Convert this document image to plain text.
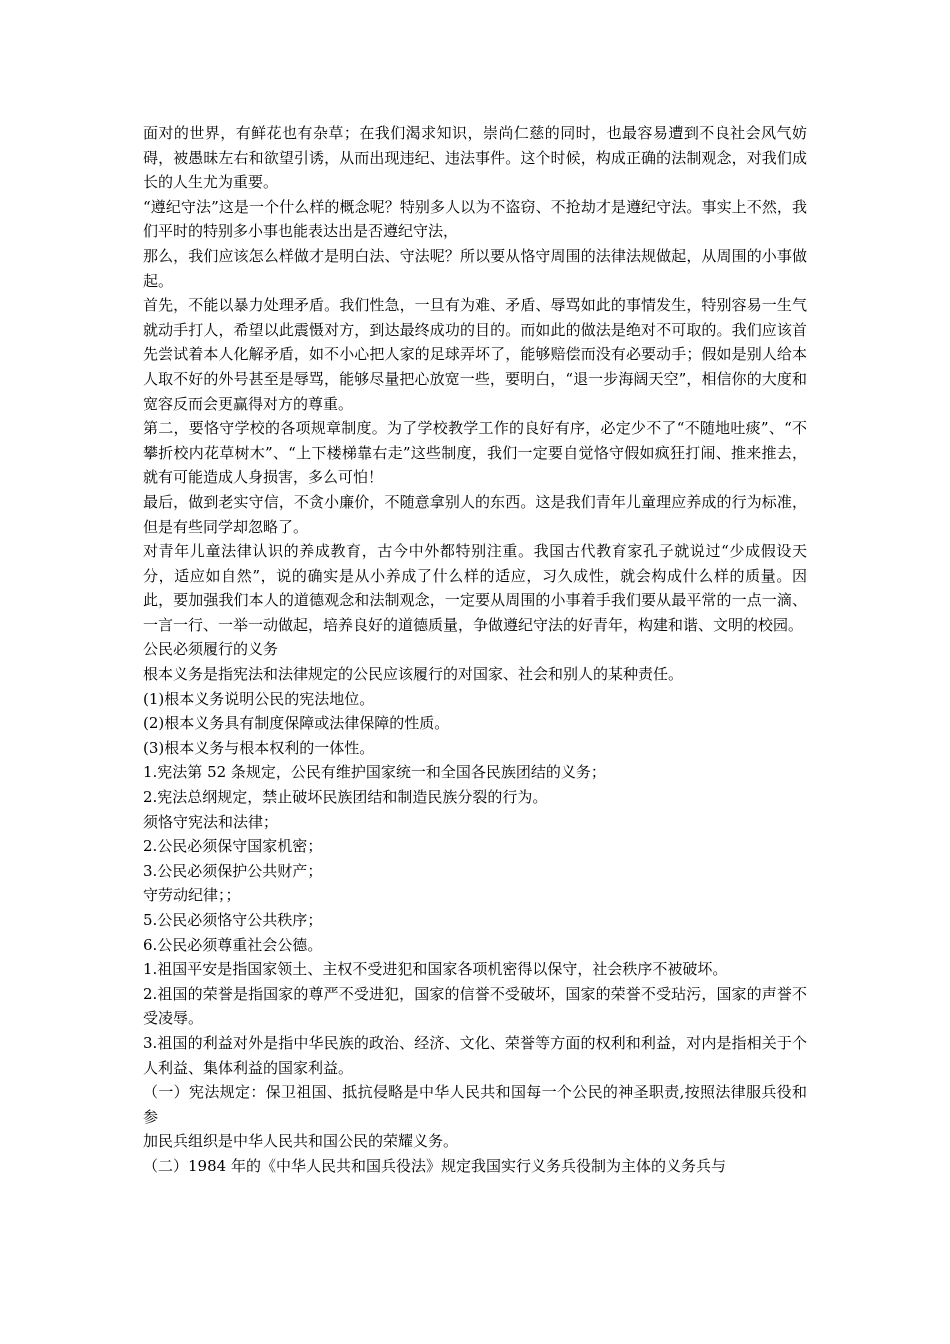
面对的世界，有鲜花也有杂草；在我们渴求知识，崇尚仁慈的同时，也最容易遭到不良社会风气妨碍，被愚昧左右和欲望引诱，从而出现违纪、违法事件。这个时候，构成正确的法制观念，对我们成长的人生尤为重要。

“遵纪守法”这是一个什么样的概念呢？特别多人以为不盗窃、不抢劫才是遵纪守法。事实上不然，我们平时的特别多小事也能表达出是否遵纪守法，

那么，我们应该怎么样做才是明白法、守法呢？所以要从恪守周围的法律法规做起，从周围的小事做起。

首先，不能以暴力处理矛盾。我们性急，一旦有为难、矛盾、辱骂如此的事情发生，特别容易一生气就动手打人，希望以此震慑对方，到达最终成功的目的。而如此的做法是绝对不可取的。我们应该首先尝试着本人化解矛盾，如不小心把人家的足球弄坏了，能够赔偿而没有必要动手；假如是别人给本人取不好的外号甚至是辱骂，能够尽量把心放宽一些，要明白，“退一步海阔天空”，相信你的大度和宽容反而会更赢得对方的尊重。

第二，要恪守学校的各项规章制度。为了学校教学工作的良好有序，必定少不了“不随地吐痰”、“不攀折校内花草树木”、“上下楼梯靠右走”这些制度，我们一定要自觉恪守假如疯狂打闹、推来推去，就有可能造成人身损害，多么可怕！

最后，做到老实守信，不贪小廉价，不随意拿别人的东西。这是我们青年儿童理应养成的行为标准，但是有些同学却忽略了。

对青年儿童法律认识的养成教育，古今中外都特别注重。我国古代教育家孔子就说过“少成假设天分，适应如自然”，说的确实是从小养成了什么样的适应，习久成性，就会构成什么样的质量。因此，要加强我们本人的道德观念和法制观念，一定要从周围的小事着手我们要从最平常的一点一滴、一言一行、一举一动做起，培养良好的道德质量，争做遵纪守法的好青年，构建和谐、文明的校园。

公民必须履行的义务

根本义务是指宪法和法律规定的公民应该履行的对国家、社会和别人的某种责任。

(1)根本义务说明公民的宪法地位。

(2)根本义务具有制度保障或法律保障的性质。

(3)根本义务与根本权利的一体性。

1.宪法第 52 条规定，公民有维护国家统一和全国各民族团结的义务；

2.宪法总纲规定，禁止破坏民族团结和制造民族分裂的行为。

须恪守宪法和法律；

2.公民必须保守国家机密；

3.公民必须保护公共财产；

守劳动纪律；；

5.公民必须恪守公共秩序；

6.公民必须尊重社会公德。

1.祖国平安是指国家领土、主权不受进犯和国家各项机密得以保守，社会秩序不被破坏。

2.祖国的荣誉是指国家的尊严不受进犯，国家的信誉不受破坏，国家的荣誉不受玷污，国家的声誉不受凌辱。

3.祖国的利益对外是指中华民族的政治、经济、文化、荣誉等方面的权利和利益，对内是指相关于个人利益、集体利益的国家利益。

（一）宪法规定：保卫祖国、抵抗侵略是中华人民共和国每一个公民的神圣职责,按照法律服兵役和参

加民兵组织是中华人民共和国公民的荣耀义务。

（二）1984 年的《中华人民共和国兵役法》规定我国实行义务兵役制为主体的义务兵与
